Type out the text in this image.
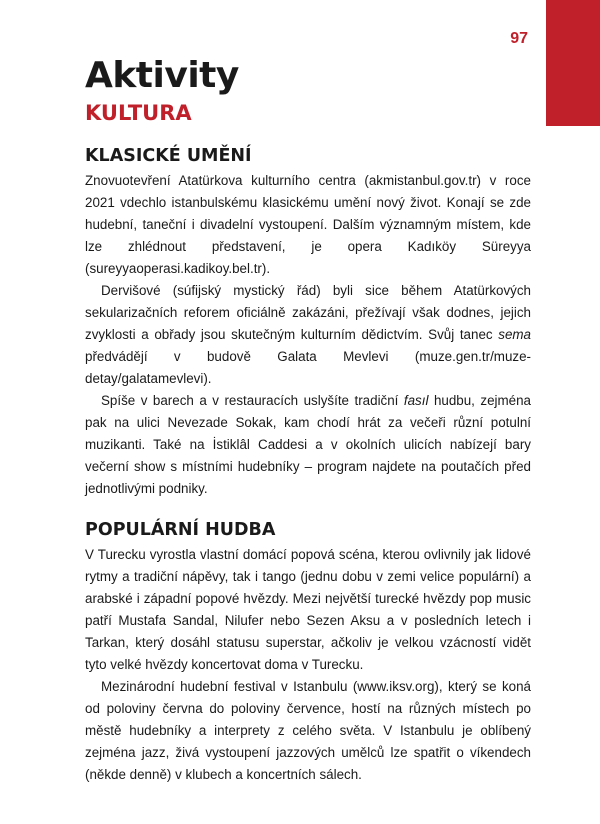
97
Aktivity
KULTURA
KLASICKÉ UMĚNÍ

Znovuotevření Atatürkova kulturního centra (akmistanbul.gov.tr) v roce 2021 vdechlo istanbulskému klasickému umění nový život. Konají se zde hudební, taneční i divadelní vystoupení. Dalším významným místem, kde lze zhlédnout představení, je opera Kadıköy Süreyya (sureyyaoperasi.kadikoy.bel.tr).

Dervišové (súfijský mystický řád) byli sice během Atatürkových sekularizačních reforem oficiálně zakázáni, přežívají však dodnes, jejich zvyklosti a obřady jsou skutečným kulturním dědictvím. Svůj tanec sema předvádějí v budově Galata Mevlevi (muze.gen.tr/muze-detay/galatamevlevi).

Spíše v barech a v restauracích uslyšíte tradiční fasıl hudbu, zejména pak na ulici Nevezade Sokak, kam chodí hrát za večeři různí potulní muzikanti. Také na İstiklâl Caddesi a v okolních ulicích nabízejí bary večerní show s místními hudebníky – program najdete na poutačích před jednotlivými podniky.

POPULÁRNÍ HUDBA

V Turecku vyrostla vlastní domácí popová scéna, kterou ovlivnily jak lidové rytmy a tradiční nápěvy, tak i tango (jednu dobu v zemi velice populární) a arabské i západní popové hvězdy. Mezi největší turecké hvězdy pop music patří Mustafa Sandal, Nilufer nebo Sezen Aksu a v posledních letech i Tarkan, který dosáhl statusu superstar, ačkoliv je velkou vzácností vidět tyto velké hvězdy koncertovat doma v Turecku.

Mezinárodní hudební festival v Istanbulu (www.iksv.org), který se koná od poloviny června do poloviny července, hostí na různých místech po městě hudebníky a interprety z celého světa. V Istanbulu je oblíbený zejména jazz, živá vystoupení jazzových umělců lze spatřit o víkendech (někde denně) v klubech a koncertních sálech.
